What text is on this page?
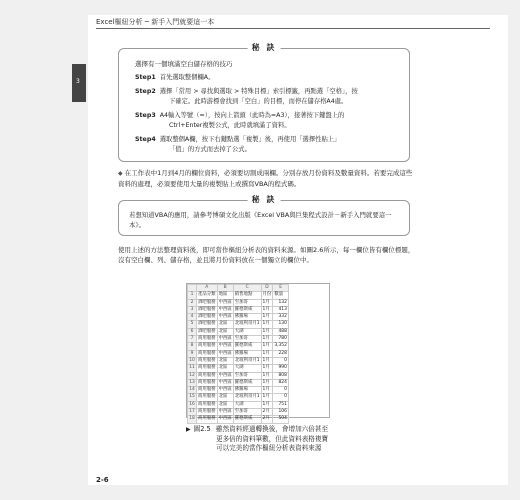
Excel樞紐分析 ─ 新手入門就要這一本
3
秘 訣
選擇有一個填滿空白儲存格的技巧
Step1 首先選取整個欄A。
Step2 選擇「常用 > 尋找與選取 > 特殊目標」索引標籤，再點選「空格」，按
下確定。此時游標會找到「空白」的目標，而停在儲存格A4處。
Step3 A4輸入等號（=），按向上箭頭（此時為=A3），接著按下鍵盤上的
Ctrl+Enter複製公式，此時就填滿了資料。
Step4 選取整個A欄，按下右鍵點選「複製」後，再使用「選擇性貼上」
「值」的方式而去掉了公式。
◆ 在工作表中1月到4月的欄位資料，必須要切割成兩欄。分別存放月份資料及數量資料。若要完成這些資料的處理，必須要使用大量的複製貼上或撰寫VBA的程式碼。
秘 訣
若想知道VBA的應用，請參考博碩文化出版《Excel VBA與巨集程式設計－新手入門就要這一本》。
使用上述的方法整理資料後，即可當作樞紐分析表的資料來源。如圖2.6所示，每一欄位皆有欄位標題，沒有空白欄、列、儲存格，並且將月份資料放在一個獨立的欄位中。
	A	B	C	D	E
1	產品分類	地區	銷售地點	月份	數量
2	酒吧服務	中西區	至加哥	1月	132
3	酒吧服務	中西區	羅德斯威	1月	413
4	酒吧服務	中西區	佛羅場	1月	332
5	酒吧服務	北區	北坡利哥月1	1月	130
6	酒吧服務	北區	大湖	1月	488
7	商用服務	中西區	至加哥	1月	780
8	商用服務	中西區	羅德斯威	1月	3,352
9	商用服務	中西區	佛羅場	1月	228
10	商用服務	北區	北坡利哥月1	1月	0
11	商用服務	北區	大湖	1月	990
12	商用服務	中西區	至加哥	1月	808
13	商用服務	中西區	羅德斯威	1月	824
14	商用服務	中西區	佛羅場	1月	0
15	商用服務	北區	北坡利哥月1	1月	0
16	商用服務	北區	大湖	1月	751
17	商用服務	中西區	至加哥	2月	106
18	商用服務	中西區	羅德斯威	2月	504
▶ 圖2.5 雖然資料經過轉換後，會增加六倍甚至
更多倍的資料筆數，但此資料表格複寶
可以完美的當作樞紐分析表資料來源
2-6
